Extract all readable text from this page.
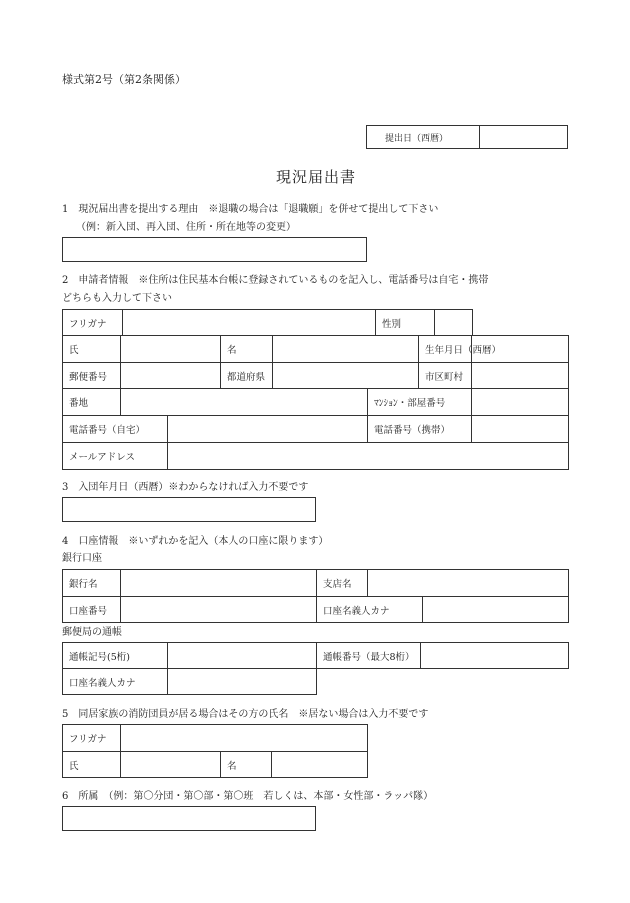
様式第2号（第2条関係）
提出日（西暦）	
現況届出書
1　現況届出書を提出する理由　※退職の場合は「退職願」を併せて提出して下さい
（例：新入団、再入団、住所・所在地等の変更）
2　申請者情報　※住所は住民基本台帳に登録されているものを記入し、電話番号は自宅・携帯
どちらも入力して下さい
フリガナ		性別	
氏			名			生年月日（西暦）	
郵便番号			都道府県			市区町村	
番地					ﾏﾝｼｮﾝ・部屋番号		
電話番号（自宅）					電話番号（携帯）		
メールアドレス							
3　入団年月日（西暦）※わからなければ入力不要です
4　口座情報　※いずれかを記入（本人の口座に限ります）
銀行口座
銀行名		支店名	
口座番号			口座名義人カナ	
郵便局の通帳
通帳記号(5桁)		通帳番号（最大8桁）	
口座名義人カナ	
5　同居家族の消防団員が居る場合はその方の氏名　※居ない場合は入力不要です
フリガナ			
氏		名	
6　所属　（例：第〇分団・第〇部・第〇班　若しくは、本部・女性部・ラッパ隊）
